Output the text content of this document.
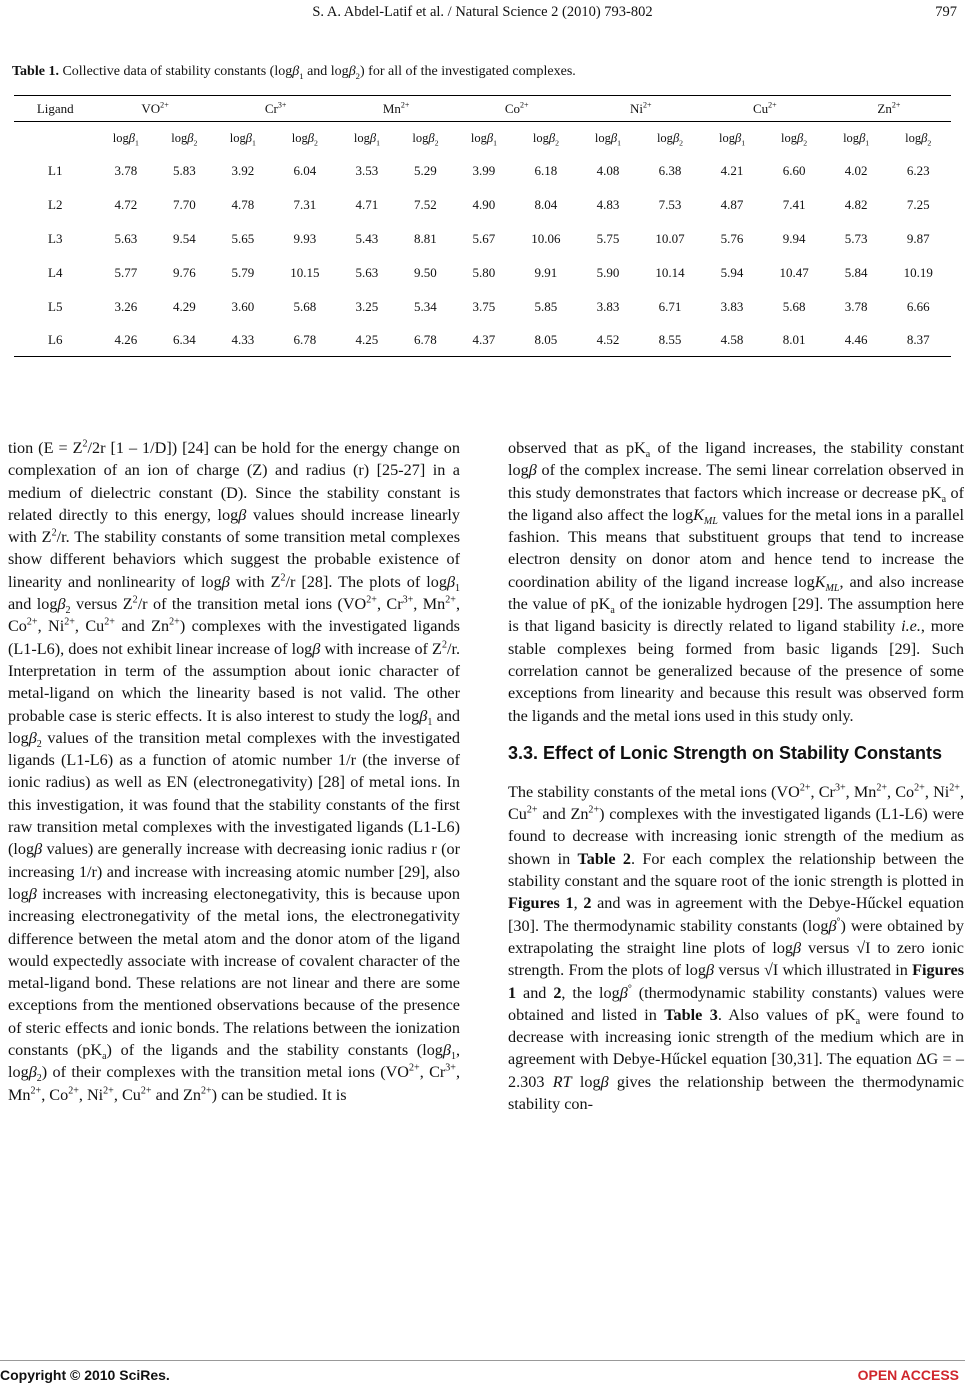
S. A. Abdel-Latif et al. / Natural Science 2 (2010) 793-802	797
Table 1. Collective data of stability constants (logβ$_1$ and logβ$_2$) for all of the investigated complexes.
Ligand	$VO^{2+}$		$Cr^{3+}$		$Mn^{2+}$		$Co^{2+}$		$Ni^{2+}$		$Cu^{2+}$		$Zn^{2+}$
	logβ$_1$	logβ$_2$	logβ$_1$	logβ$_2$	logβ$_1$	logβ$_2$	logβ$_1$	logβ$_2$	logβ$_1$	logβ$_2$	logβ$_1$	logβ$_2$	logβ$_1$	logβ$_2$
L1	3.78	5.83	3.92	6.04	3.53	5.29	3.99	6.18	4.08	6.38	4.21	6.60	4.02	6.23
L2	4.72	7.70	4.78	7.31	4.71	7.52	4.90	8.04	4.83	7.53	4.87	7.41	4.82	7.25
L3	5.63	9.54	5.65	9.93	5.43	8.81	5.67	10.06	5.75	10.07	5.76	9.94	5.73	9.87
L4	5.77	9.76	5.79	10.15	5.63	9.50	5.80	9.91	5.90	10.14	5.94	10.47	5.84	10.19
L5	3.26	4.29	3.60	5.68	3.25	5.34	3.75	5.85	3.83	6.71	3.83	5.68	3.78	6.66
L6	4.26	6.34	4.33	6.78	4.25	6.78	4.37	8.05	4.52	8.55	4.58	8.01	4.46	8.37

tion ($E = Z^2/2r$ [1 – 1/D]) [24] can be hold for the energy change on complexation of an ion of charge (Z) and radius (r) [25-27] in a medium of dielectric constant (D). Since the stability constant is related directly to this energy, logβ values should increase linearly with $Z^2/r$. The stability constants of some transition metal complexes show different behaviors which suggest the probable existence of linearity and nonlinearity of logβ with $Z^2/r$ [28]. The plots of logβ$_1$ and logβ$_2$ versus $Z^2/r$ of the transition metal ions ($VO^{2+}$, $Cr^{3+}$, $Mn^{2+}$, $Co^{2+}$, $Ni^{2+}$, $Cu^{2+}$ and $Zn^{2+}$) complexes with the investigated ligands (L1-L6), does not exhibit linear increase of logβ with increase of $Z^2/r$. Interpretation in term of the assumption about ionic character of metal-ligand on which the linearity based is not valid. The other probable case is steric effects. It is also interest to study the logβ$_1$ and logβ$_2$ values of the transition metal complexes with the investigated ligands (L1-L6) as a function of atomic number 1/r (the inverse of ionic radius) as well as EN (electronegativity) [28] of metal ions. In this investigation, it was found that the stability constants of the first raw transition metal complexes with the investigated ligands (L1-L6) (logβ values) are generally increase with decreasing ionic radius r (or increasing 1/r) and increase with increasing atomic number [29], also logβ increases with increasing electonegativity, this is because upon increasing electronegativity of the metal ions, the electronegativity difference between the metal atom and the donor atom of the ligand would expectedly associate with increase of covalent character of the metal-ligand bond. These relations are not linear and there are some exceptions from the mentioned observations because of the presence of steric effects and ionic bonds. The relations between the ionization constants $(pK_a)$ of the ligands and the stability constants (logβ$_1$, logβ$_2$) of their complexes with the transition metal ions ($VO^{2+}$, $Cr^{3+}$, $Mn^{2+}$, $Co^{2+}$, $Ni^{2+}$, $Cu^{2+}$ and $Zn^{2+}$) can be studied. It is

observed that as $pK_a$ of the ligand increases, the stability constant logβ of the complex increase. The semi linear correlation observed in this study demonstrates that factors which increase or decrease $pK_a$ of the ligand also affect the logK$_{ML}$ values for the metal ions in a parallel fashion. This means that substituent groups that tend to increase electron density on donor atom and hence tend to increase the coordination ability of the ligand increase logK$_{ML}$, and also increase the value of $pK_a$ of the ionizable hydrogen [29]. The assumption here is that ligand basicity is directly related to ligand stability i.e., more stable complexes being formed from basic ligands [29]. Such correlation cannot be generalized because of the presence of some exceptions from linearity and because this result was observed form the ligands and the metal ions used in this study only.

3.3. Effect of Lonic Strength on Stability Constants

The stability constants of the metal ions ($VO^{2+}$, $Cr^{3+}$, $Mn^{2+}$, $Co^{2+}$, $Ni^{2+}$, $Cu^{2+}$ and $Zn^{2+}$) complexes with the investigated ligands (L1-L6) were found to decrease with increasing ionic strength of the medium as shown in Table 2. For each complex the relationship between the stability constant and the square root of the ionic strength is plotted in Figures 1, 2 and was in agreement with the Debye-Hűckel equation [30]. The thermodynamic stability constants (logβ°) were obtained by extrapolating the straight line plots of logβ versus √I to zero ionic strength. From the plots of logβ versus √I which illustrated in Figures 1 and 2, the logβ° (thermodynamic stability constants) values were obtained and listed in Table 3. Also values of $pK_a$ were found to decrease with increasing ionic strength of the medium which are in agreement with Debye-Hűckel equation [30,31]. The equation ΔG = –2.303 RT logβ gives the relationship between the thermodynamic stability con-

Copyright © 2010 SciRes.	OPEN ACCESS
